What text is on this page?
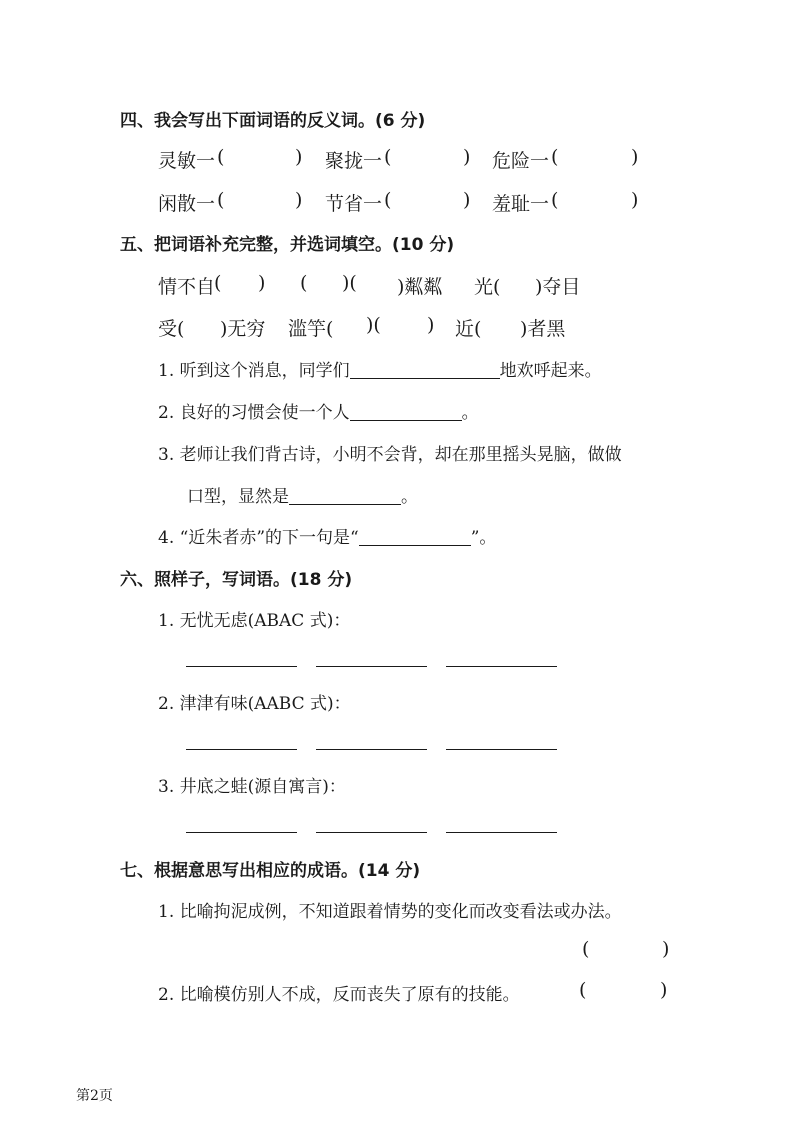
四、我会写出下面词语的反义词。(6 分)
灵敏一 (	) 聚拢一 (	) 危险一 (	)
闲散一 (	) 节省一 (	) 羞耻一 (	)
五、把词语补充完整，并选词填空。(10 分)
情不自
( ) ( )( )粼粼 光( )夺目
受( )无穷 滥竽( )( ) 近( )者黑
1. 听到这个消息，同学们	地欢呼起来。
2. 良好的习惯会使一个人	。
3. 老师让我们背古诗，小明不会背，却在那里摇头晃脑，做做
口型，显然是	。
4. “近朱者赤”的下一句是“	”。
六、照样子，写词语。(18 分)
1. 无忧无虑(ABAC 式)：
2. 津津有味(AABC 式)：
3. 井底之蛙(源自寓言)：
七、根据意思写出相应的成语。(14 分)
1. 比喻拘泥成例，不知道跟着情势的变化而改变看法或办法。
(	)
2. 比喻模仿别人不成，反而丧失了原有的技能。	(	)
第2页
